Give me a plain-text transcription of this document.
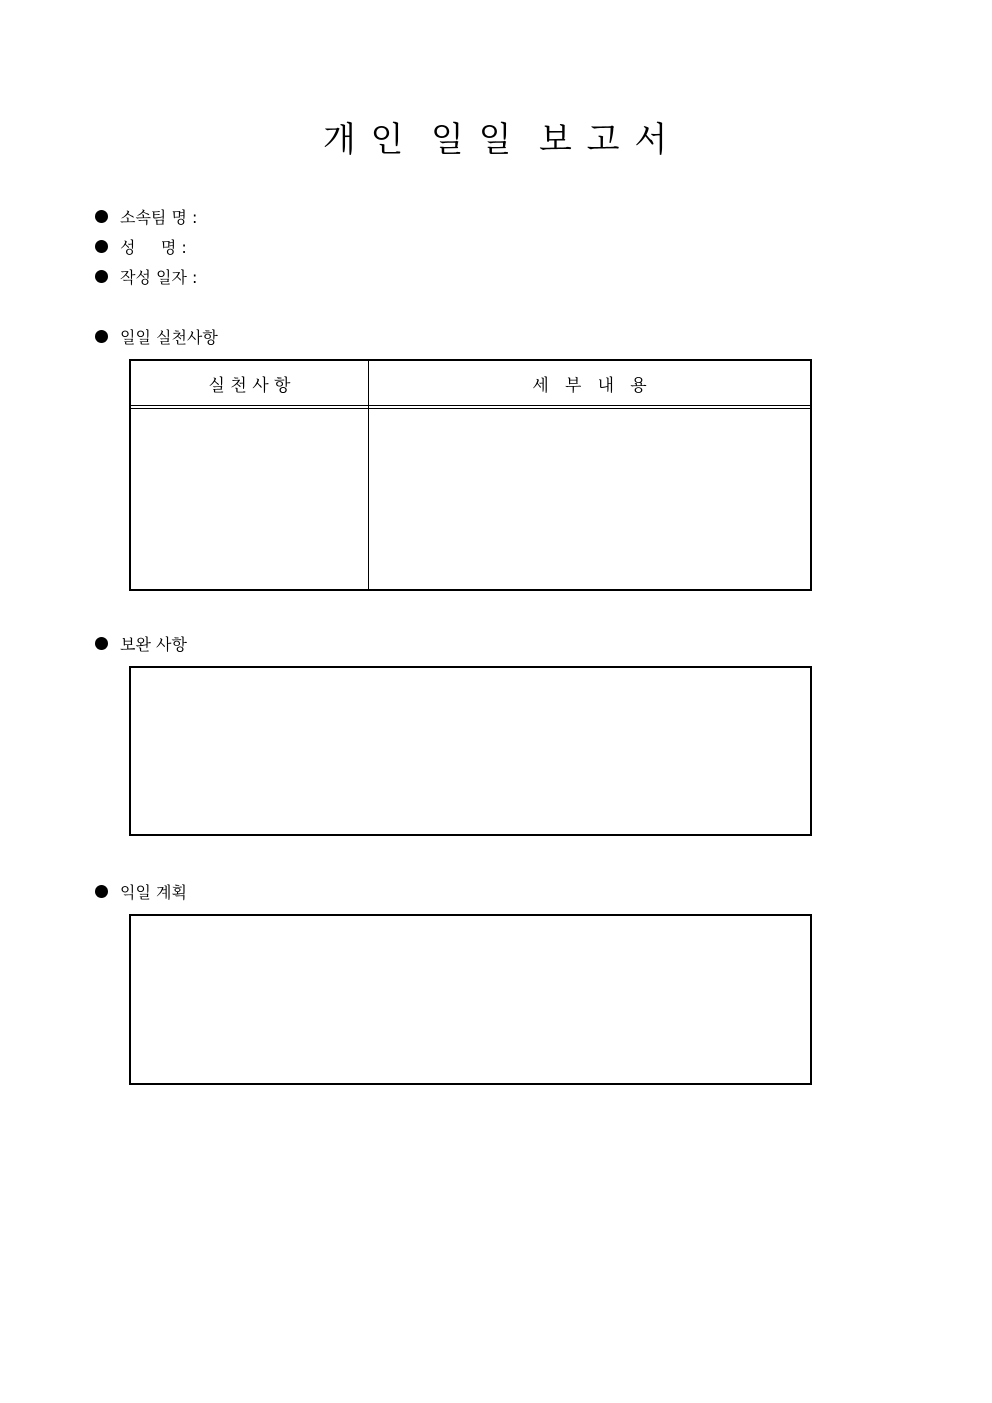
개 인  일 일  보 고 서
소속팀 명 :
성     명 :
작성 일자 :
일일 실천사항
실 천 사 항	세   부   내   용
보완 사항
익일 계획
